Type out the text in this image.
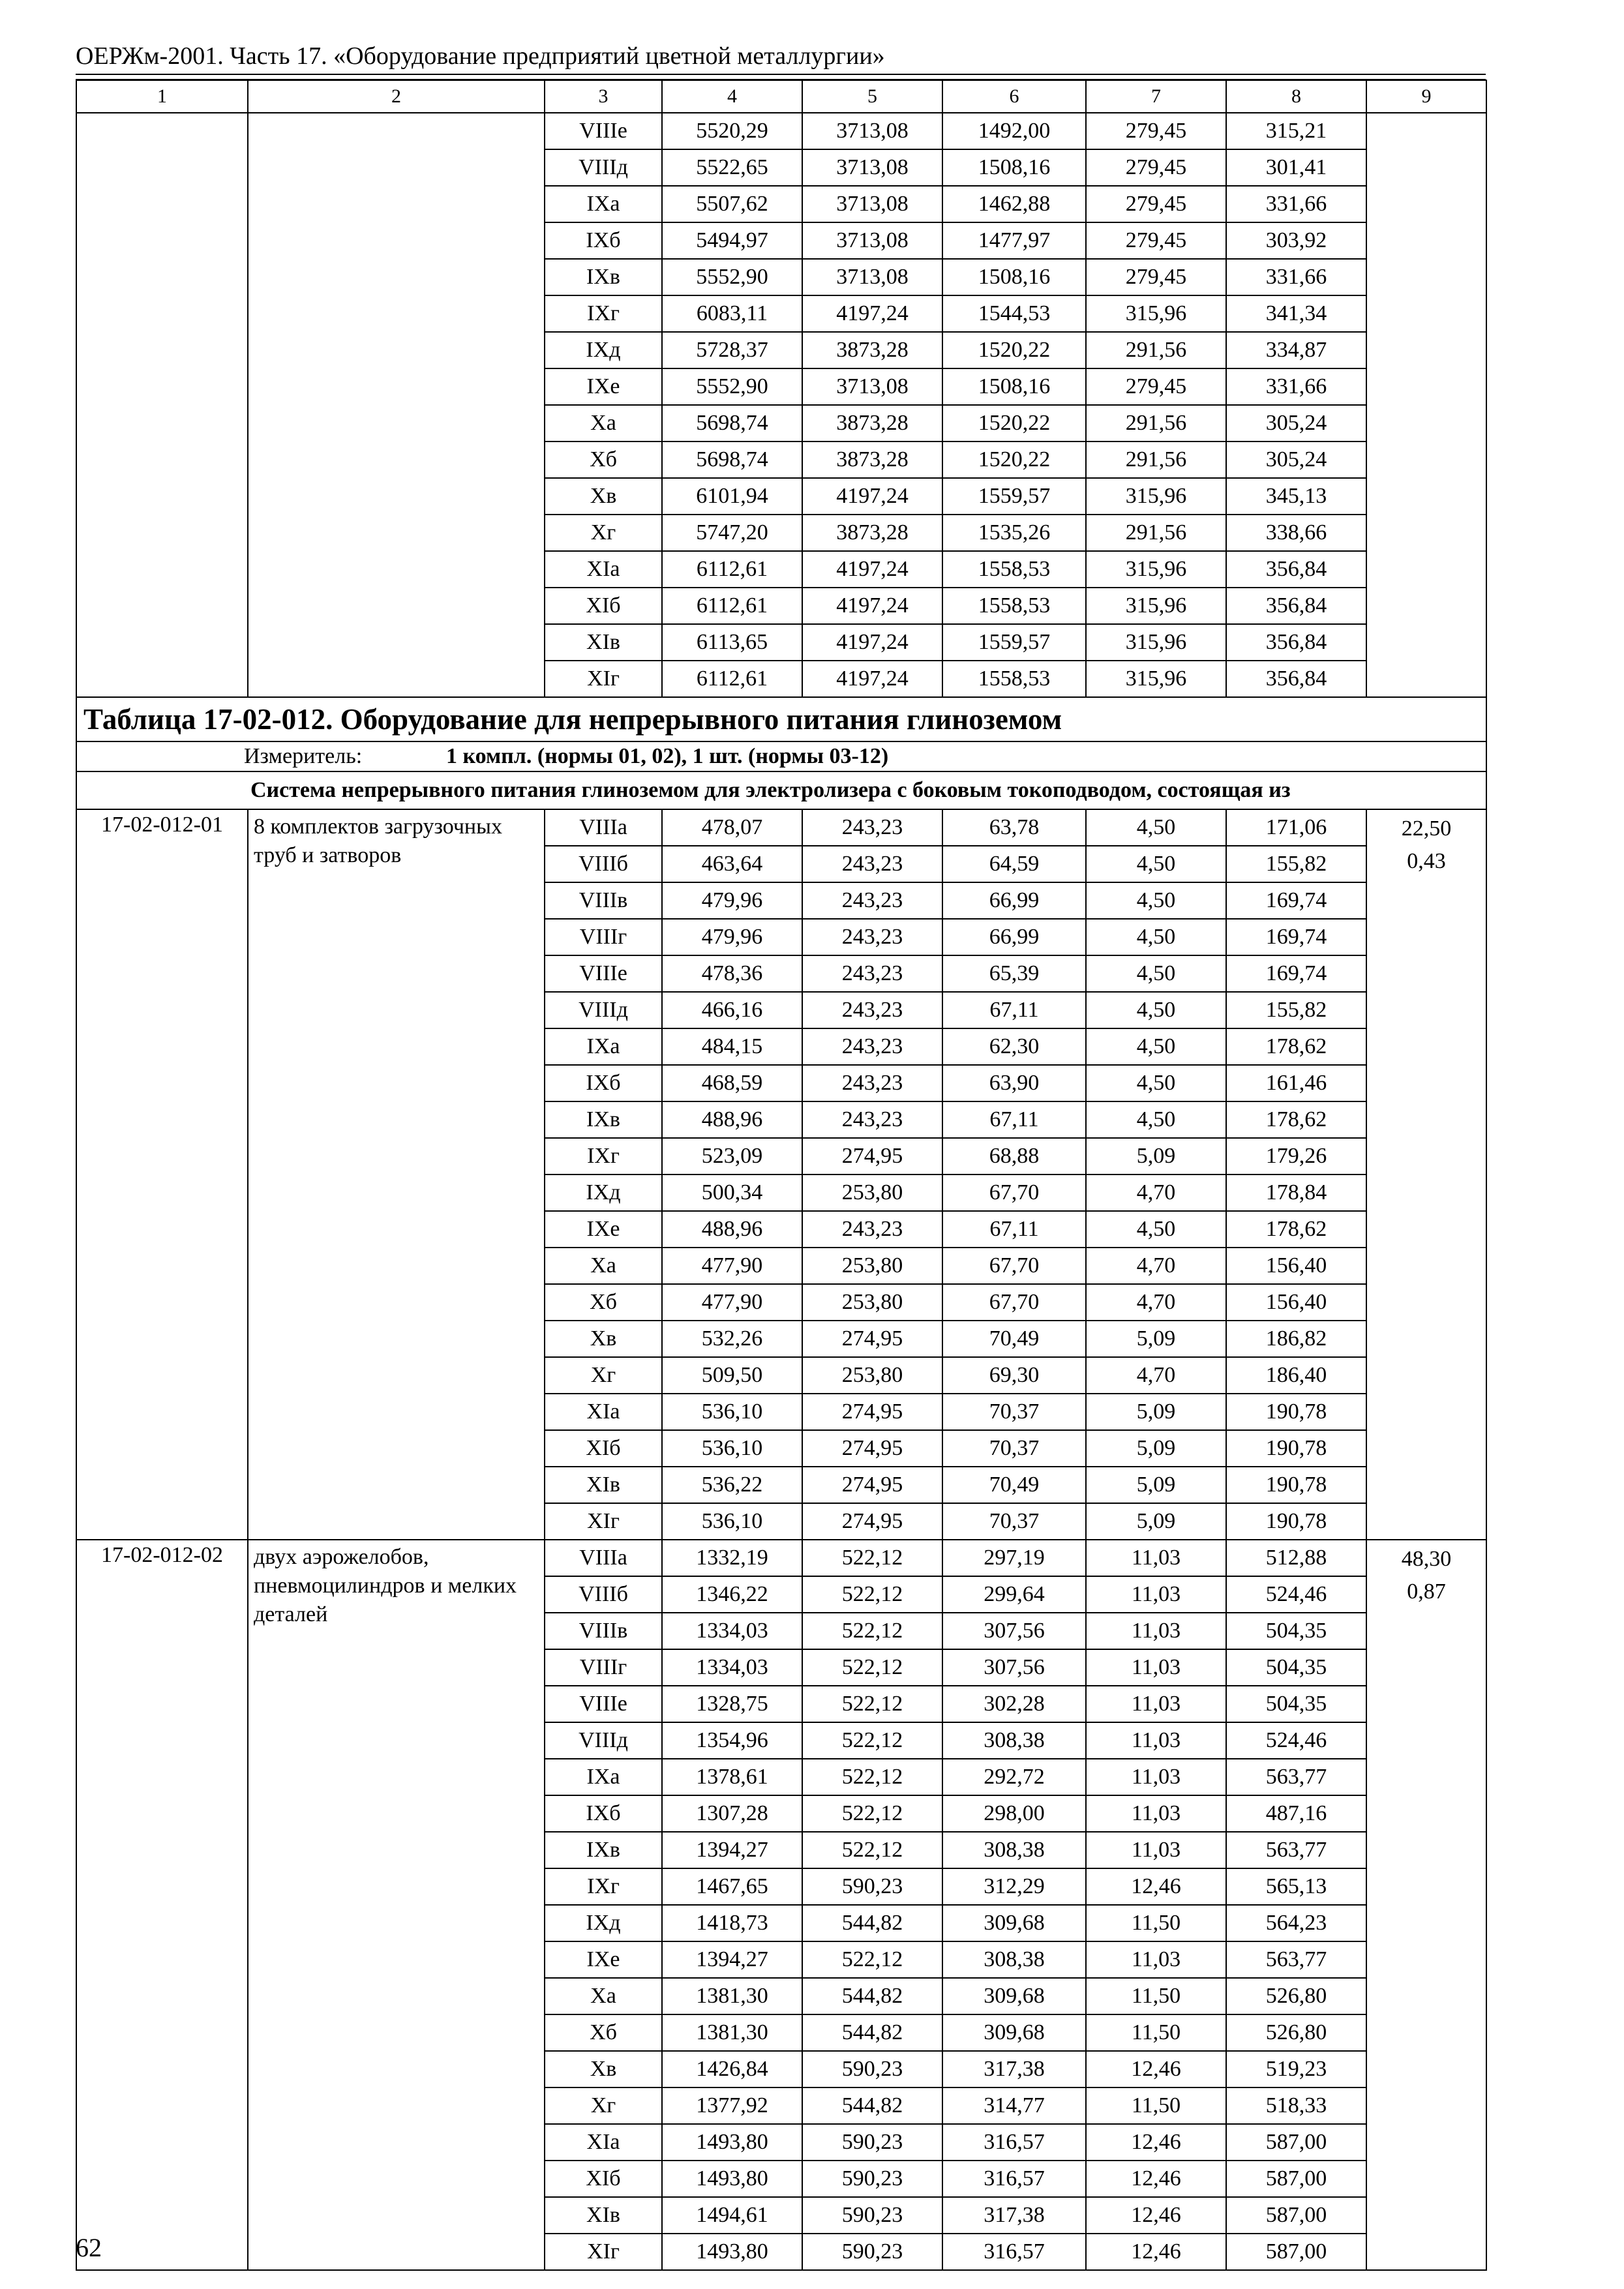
ОЕРЖм-2001. Часть 17. «Оборудование предприятий цветной металлургии»
1	2	3	4	5	6	7	8	9
		VIIIе	5520,29	3713,08	1492,00	279,45	315,21	
		VIIIд	5522,65	3713,08	1508,16	279,45	301,41	
		IXа	5507,62	3713,08	1462,88	279,45	331,66	
		IXб	5494,97	3713,08	1477,97	279,45	303,92	
		IXв	5552,90	3713,08	1508,16	279,45	331,66	
		IXг	6083,11	4197,24	1544,53	315,96	341,34	
		IXд	5728,37	3873,28	1520,22	291,56	334,87	
		IXе	5552,90	3713,08	1508,16	279,45	331,66	
		Xа	5698,74	3873,28	1520,22	291,56	305,24	
		Xб	5698,74	3873,28	1520,22	291,56	305,24	
		Xв	6101,94	4197,24	1559,57	315,96	345,13	
		Xг	5747,20	3873,28	1535,26	291,56	338,66	
		XIа	6112,61	4197,24	1558,53	315,96	356,84	
		XIб	6112,61	4197,24	1558,53	315,96	356,84	
		XIв	6113,65	4197,24	1559,57	315,96	356,84	
		XIг	6112,61	4197,24	1558,53	315,96	356,84	
Таблица 17-02-012. Оборудование для непрерывного питания глиноземом								
Измеритель: 1 компл. (нормы 01, 02), 1 шт. (нормы 03-12)								
Система непрерывного питания глиноземом для электролизера с боковым токоподводом, состоящая из								
17-02-012-01	8 комплектов загрузочных труб и затворов	VIIIа	478,07	243,23	63,78	4,50	171,06	22,50
0,43

		VIIIб	463,64	243,23	64,59	4,50	155,82	
		VIIIв	479,96	243,23	66,99	4,50	169,74	
		VIIIг	479,96	243,23	66,99	4,50	169,74	
		VIIIе	478,36	243,23	65,39	4,50	169,74	
		VIIIд	466,16	243,23	67,11	4,50	155,82	
		IXа	484,15	243,23	62,30	4,50	178,62	
		IXб	468,59	243,23	63,90	4,50	161,46	
		IXв	488,96	243,23	67,11	4,50	178,62	
		IXг	523,09	274,95	68,88	5,09	179,26	
		IXд	500,34	253,80	67,70	4,70	178,84	
		IXе	488,96	243,23	67,11	4,50	178,62	
		Xа	477,90	253,80	67,70	4,70	156,40	
		Xб	477,90	253,80	67,70	4,70	156,40	
		Xв	532,26	274,95	70,49	5,09	186,82	
		Xг	509,50	253,80	69,30	4,70	186,40	
		XIа	536,10	274,95	70,37	5,09	190,78	
		XIб	536,10	274,95	70,37	5,09	190,78	
		XIв	536,22	274,95	70,49	5,09	190,78	
		XIг	536,10	274,95	70,37	5,09	190,78	
17-02-012-02	двух аэрожелобов, пневмоцилиндров и мелких деталей	VIIIа	1332,19	522,12	297,19	11,03	512,88	48,30
0,87

		VIIIб	1346,22	522,12	299,64	11,03	524,46	
		VIIIв	1334,03	522,12	307,56	11,03	504,35	
		VIIIг	1334,03	522,12	307,56	11,03	504,35	
		VIIIе	1328,75	522,12	302,28	11,03	504,35	
		VIIIд	1354,96	522,12	308,38	11,03	524,46	
		IXа	1378,61	522,12	292,72	11,03	563,77	
		IXб	1307,28	522,12	298,00	11,03	487,16	
		IXв	1394,27	522,12	308,38	11,03	563,77	
		IXг	1467,65	590,23	312,29	12,46	565,13	
		IXд	1418,73	544,82	309,68	11,50	564,23	
		IXе	1394,27	522,12	308,38	11,03	563,77	
		Xа	1381,30	544,82	309,68	11,50	526,80	
		Xб	1381,30	544,82	309,68	11,50	526,80	
		Xв	1426,84	590,23	317,38	12,46	519,23	
		Xг	1377,92	544,82	314,77	11,50	518,33	
		XIа	1493,80	590,23	316,57	12,46	587,00	
		XIб	1493,80	590,23	316,57	12,46	587,00	
		XIв	1494,61	590,23	317,38	12,46	587,00	
		XIг	1493,80	590,23	316,57	12,46	587,00	
62
